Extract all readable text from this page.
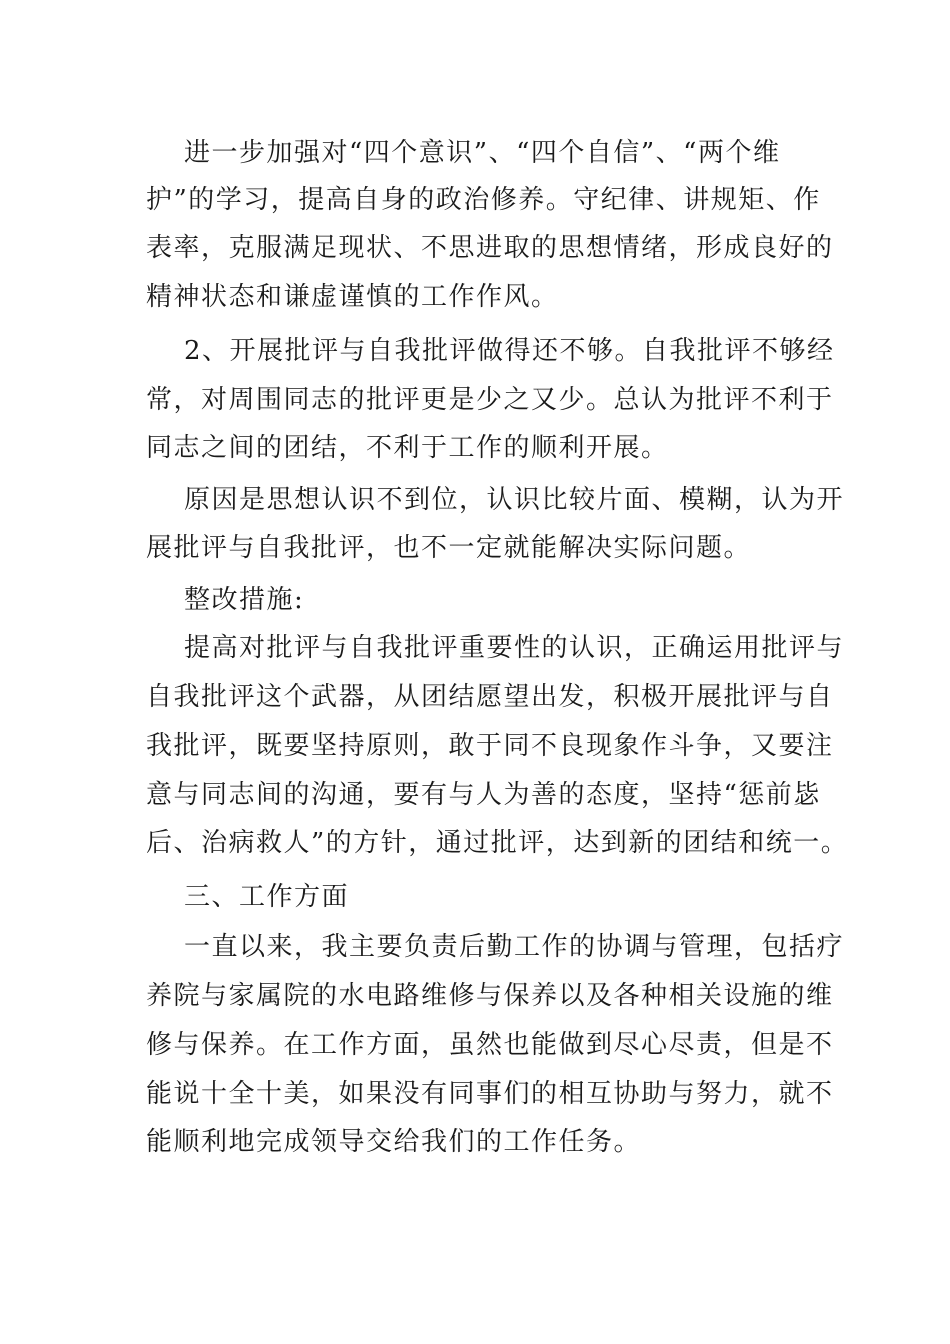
进一步加强对“四个意识”、“四个自信”、“两个维
护”的学习，提高自身的政治修养。守纪律、讲规矩、作
表率，克服满足现状、不思进取的思想情绪，形成良好的
精神状态和谦虚谨慎的工作作风。
2、开展批评与自我批评做得还不够。自我批评不够经
常，对周围同志的批评更是少之又少。总认为批评不利于
同志之间的团结，不利于工作的顺利开展。
原因是思想认识不到位，认识比较片面、模糊，认为开
展批评与自我批评，也不一定就能解决实际问题。
整改措施:
提高对批评与自我批评重要性的认识，正确运用批评与
自我批评这个武器，从团结愿望出发，积极开展批评与自
我批评，既要坚持原则，敢于同不良现象作斗争，又要注
意与同志间的沟通，要有与人为善的态度，坚持“惩前毖
后、治病救人”的方针，通过批评，达到新的团结和统一。
三、工作方面
一直以来，我主要负责后勤工作的协调与管理，包括疗
养院与家属院的水电路维修与保养以及各种相关设施的维
修与保养。在工作方面，虽然也能做到尽心尽责，但是不
能说十全十美，如果没有同事们的相互协助与努力，就不
能顺利地完成领导交给我们的工作任务。
